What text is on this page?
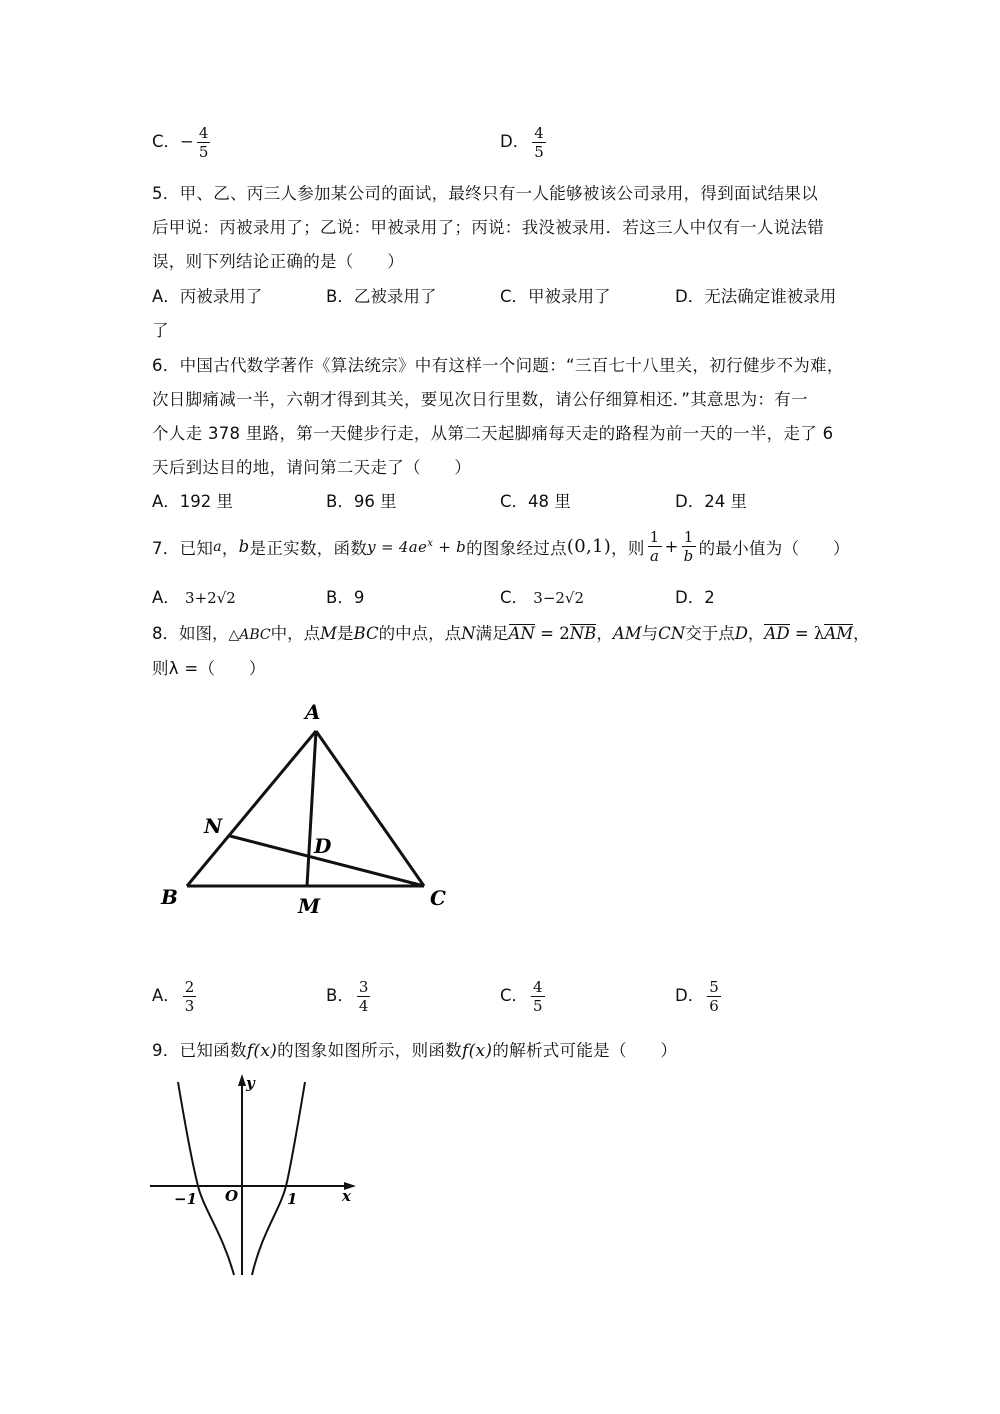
C．− $\frac{4}{5}$	D． $\frac{4}{5}$
5．甲、乙、丙三人参加某公司的面试，最终只有一人能够被该公司录用，得到面试结果以
后甲说：丙被录用了；乙说：甲被录用了；丙说：我没被录用．若这三人中仅有一人说法错
误，则下列结论正确的是（　　）
A．丙被录用了	B．乙被录用了	C．甲被录用了	D．无法确定谁被录用
了
6．中国古代数学著作《算法统宗》中有这样一个问题：“三百七十八里关，初行健步不为难，
次日脚痛减一半，六朝才得到其关，要见次日行里数，请公仔细算相还．”其意思为：有一
个人走 378 里路，第一天健步行走，从第二天起脚痛每天走的路程为前一天的一半，走了 6
天后到达目的地，请问第二天走了（　　）
A．192 里	B．96 里	C．48 里	D．24 里
7．已知 a ， b 是正实数，函数 $y = 4ae^x + b$ 的图象经过点 (0,1) ，则 $\frac{1}{a} + \frac{1}{b}$ 的最小值为（　　）
A． 3+2√2	B．9	C． 3−2√2	D．2
8．如图，△ABC中，点M是BC的中点，点N满足AN = 2NB，AM与CN交于点D，AD = λAM，
则λ =（　　）
A
B	C
D
M
N
A． $\frac{2}{3}$	B． $\frac{3}{4}$	C． $\frac{4}{5}$	D． $\frac{5}{6}$
9．已知函数f(x)的图象如图所示，则函数f(x)的解析式可能是（　　）
y
x
O
−1	1
